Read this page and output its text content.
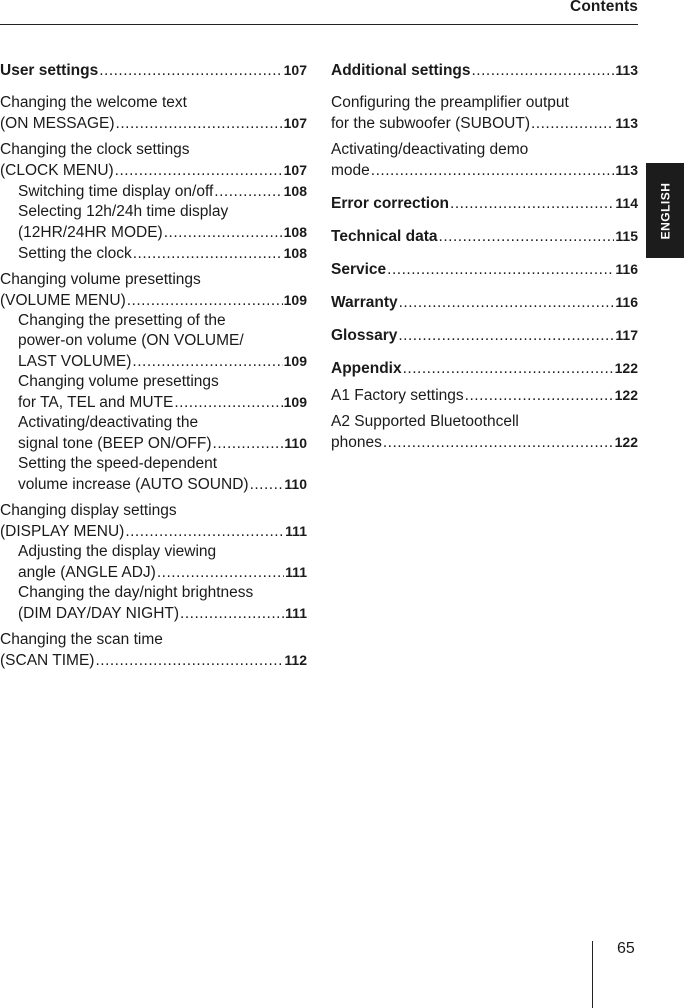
Contents
ENGLISH
User settings .....	107
Changing the welcome text
(ON MESSAGE) .....	107
Changing the clock settings
(CLOCK MENU) .....	107
Switching time display on/off .....	108
Selecting 12h/24h time display
(12HR/24HR MODE) .....	108
Setting the clock .....	108
Changing volume presettings
(VOLUME MENU) .....	109
Changing the presetting of the
power-on volume (ON VOLUME/
LAST VOLUME) .....	109
Changing volume presettings
for TA, TEL and MUTE .....	109
Activating/deactivating the
signal tone (BEEP ON/OFF) .....	110
Setting the speed-dependent
volume increase (AUTO SOUND) .....	110
Changing display settings
(DISPLAY MENU) .....	111
Adjusting the display viewing
angle (ANGLE ADJ) .....	111
Changing the day/night brightness
(DIM DAY/DAY NIGHT) .....	111
Changing the scan time
(SCAN TIME) .....	112
Additional settings .....	113
Configuring the preamplifier output
for the subwoofer (SUBOUT) .....	113
Activating/deactivating demo
mode .....	113
Error correction .....	114
Technical data .....	115
Service .....	116
Warranty .....	116
Glossary .....	117
Appendix .....	122
A1 Factory settings .....	122
A2 Supported Bluetoothcell
phones .....	122
65
